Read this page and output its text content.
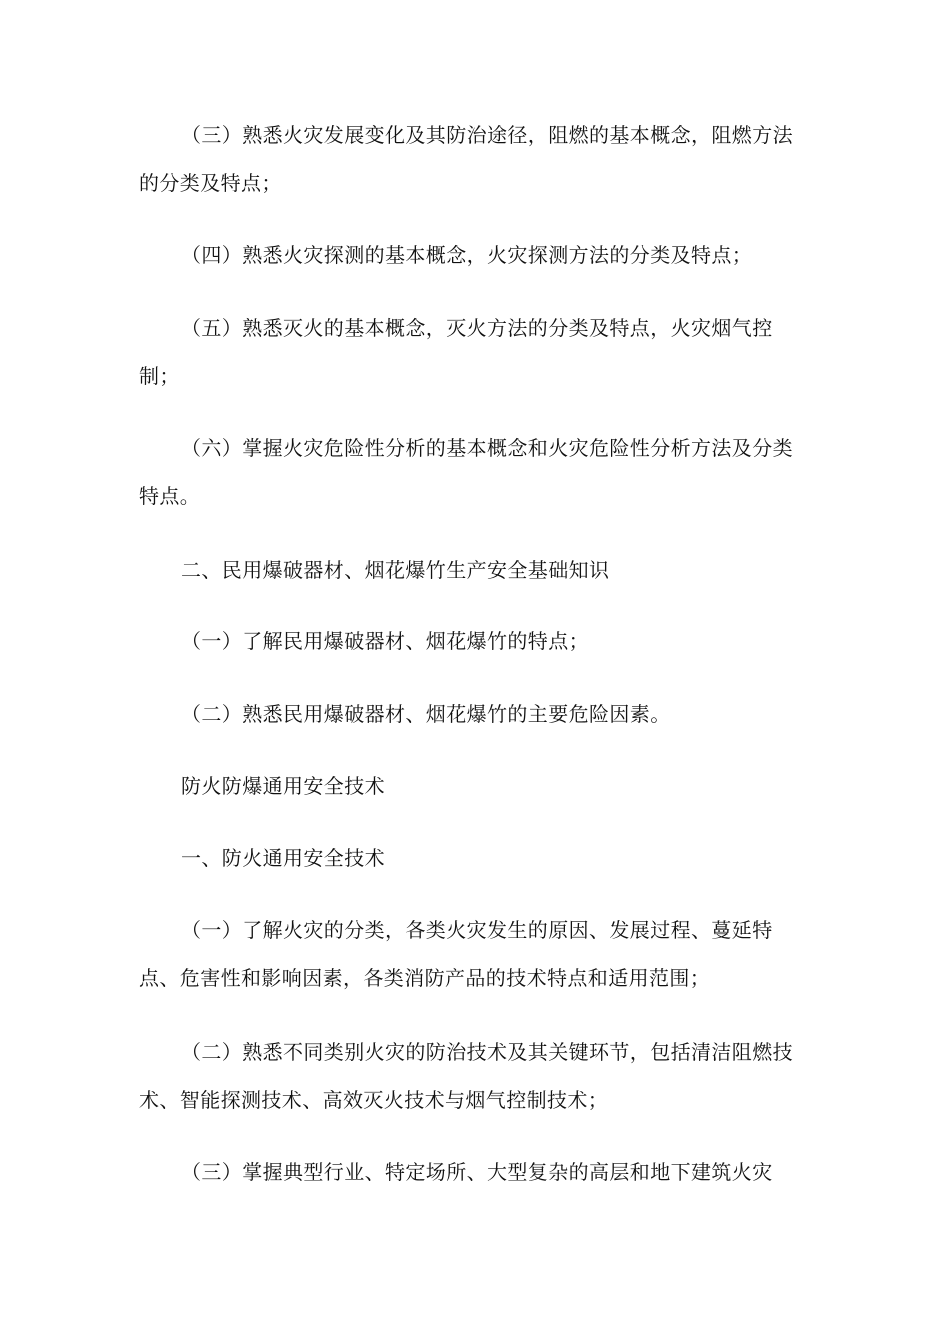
（三）熟悉火灾发展变化及其防治途径，阻燃的基本概念，阻燃方法的分类及特点；

（四）熟悉火灾探测的基本概念，火灾探测方法的分类及特点；

（五）熟悉灭火的基本概念，灭火方法的分类及特点，火灾烟气控制；

（六）掌握火灾危险性分析的基本概念和火灾危险性分析方法及分类特点。

二、民用爆破器材、烟花爆竹生产安全基础知识

（一）了解民用爆破器材、烟花爆竹的特点；

（二）熟悉民用爆破器材、烟花爆竹的主要危险因素。

防火防爆通用安全技术

一、防火通用安全技术

（一）了解火灾的分类，各类火灾发生的原因、发展过程、蔓延特点、危害性和影响因素，各类消防产品的技术特点和适用范围；

（二）熟悉不同类别火灾的防治技术及其关键环节，包括清洁阻燃技术、智能探测技术、高效灭火技术与烟气控制技术；

（三）掌握典型行业、特定场所、大型复杂的高层和地下建筑火灾
